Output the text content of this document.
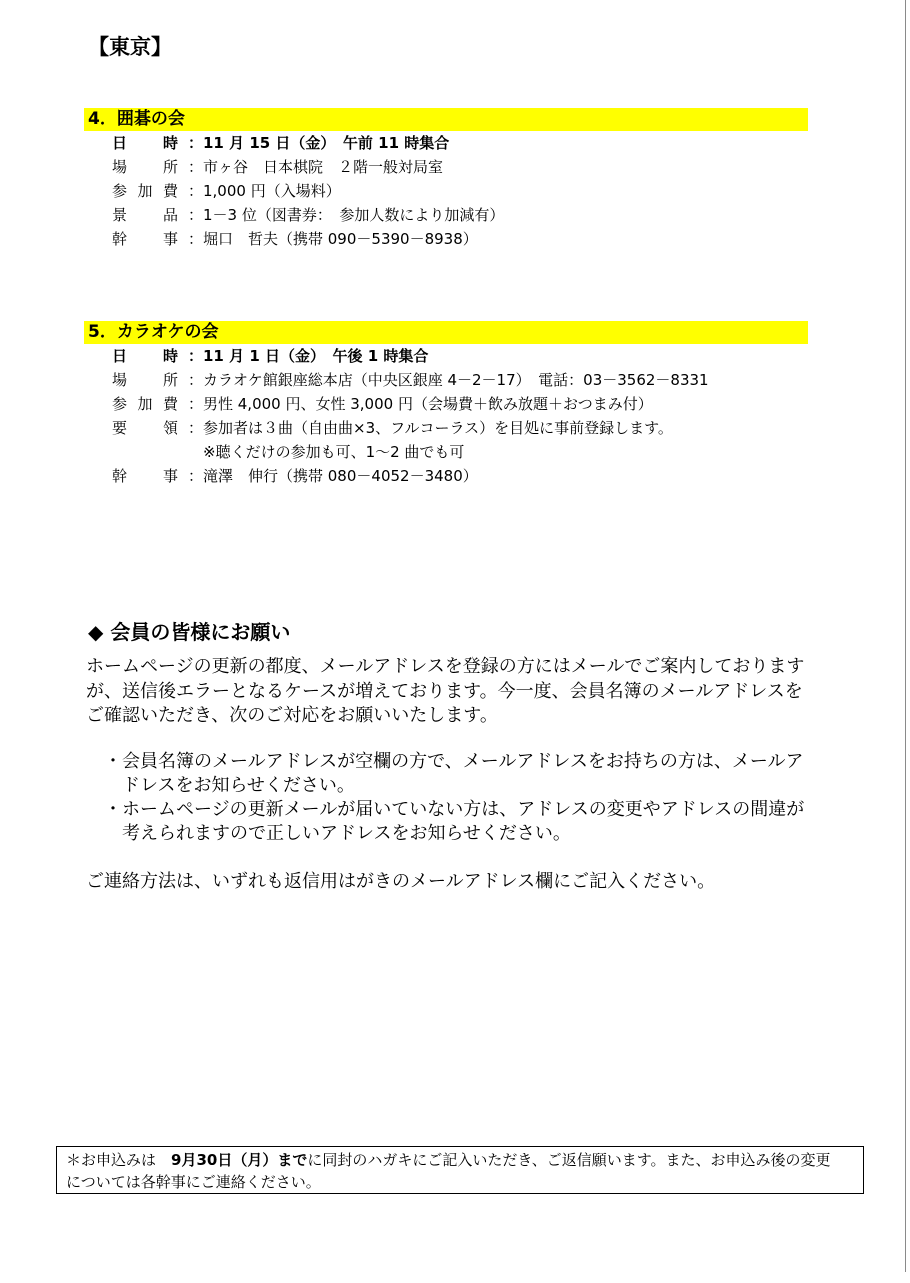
【東京】
4．囲碁の会
日　　時 ：11 月 15 日（金）　午前 11 時集合
場　　所 ：市ヶ谷　日本棋院　２階一般対局室
参 加 費 ：1,000 円（入場料）
景　　品 ：1－3 位（図書券：　参加人数により加減有）
幹　　事 ：堀口　哲夫（携帯 090－5390－8938）
5．カラオケの会
日　　時 ：11 月 1 日（金）　午後 1 時集合
場　　所 ：カラオケ館銀座総本店（中央区銀座 4－2－17）　電話：03－3562－8331
参 加 費 ：男性 4,000 円、女性 3,000 円（会場費＋飲み放題＋おつまみ付）
要　　領 ：参加者は３曲（自由曲×3、フルコーラス）を目処に事前登録します。
※聴くだけの参加も可、1～2 曲でも可
幹　　事 ：滝澤　伸行（携帯 080－4052－3480）
◆ 会員の皆様にお願い
ホームページの更新の都度、メールアドレスを登録の方にはメールでご案内しております
が、送信後エラーとなるケースが増えております。今一度、会員名簿のメールアドレスを
ご確認いただき、次のご対応をお願いいたします。
・ 会員名簿のメールアドレスが空欄の方で、メールアドレスをお持ちの方は、メールア
ドレスをお知らせください。
・ ホームページの更新メールが届いていない方は、アドレスの変更やアドレスの間違が
考えられますので正しいアドレスをお知らせください。
ご連絡方法は、いずれも返信用はがきのメールアドレス欄にご記入ください。
＊お申込みは　9月30日（月）までに同封のハガキにご記入いただき、ご返信願います。また、お申込み後の変更
については各幹事にご連絡ください。
